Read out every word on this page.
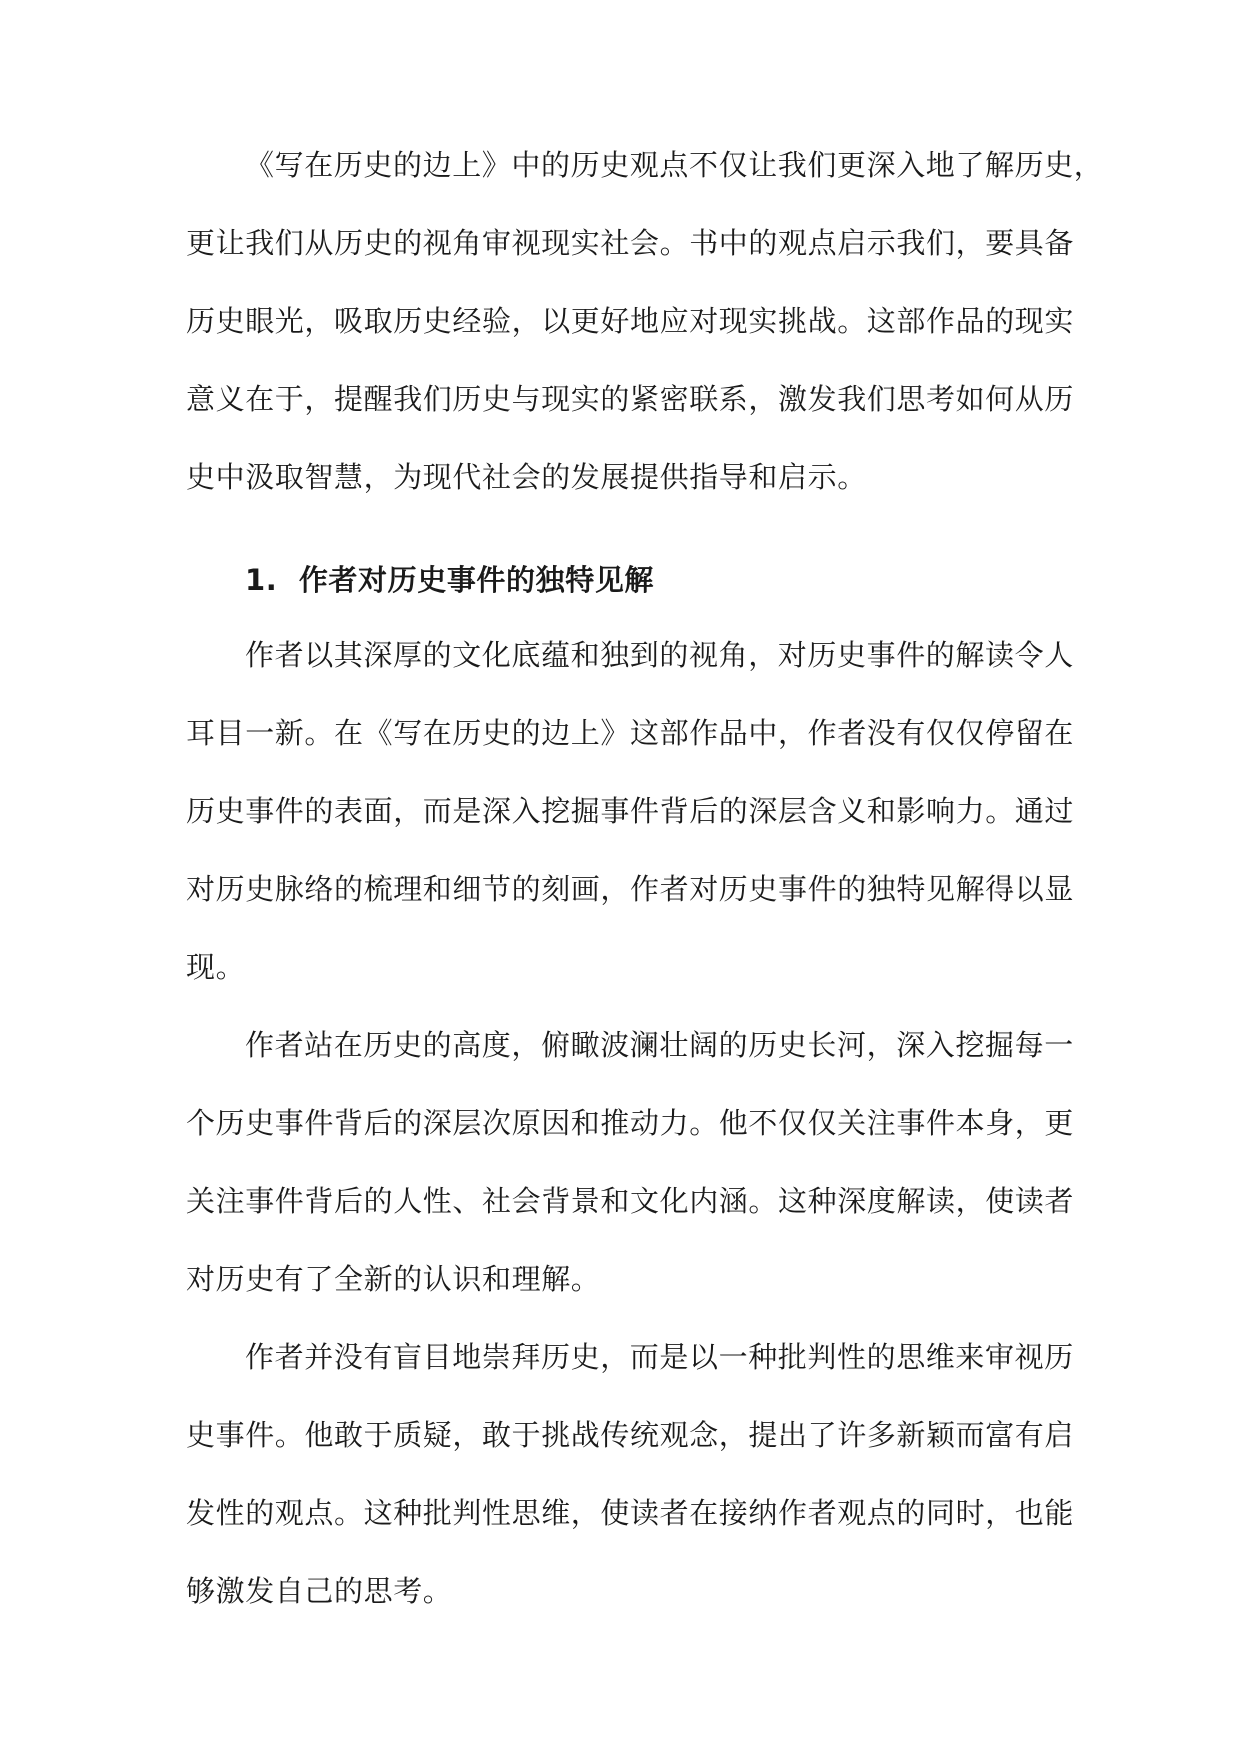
《写在历史的边上》中的历史观点不仅让我们更深入地了解历史，
更让我们从历史的视角审视现实社会。书中的观点启示我们，要具备
历史眼光，吸取历史经验，以更好地应对现实挑战。这部作品的现实
意义在于，提醒我们历史与现实的紧密联系，激发我们思考如何从历
史中汲取智慧，为现代社会的发展提供指导和启示。
1. 作者对历史事件的独特见解
作者以其深厚的文化底蕴和独到的视角，对历史事件的解读令人
耳目一新。在《写在历史的边上》这部作品中，作者没有仅仅停留在
历史事件的表面，而是深入挖掘事件背后的深层含义和影响力。通过
对历史脉络的梳理和细节的刻画，作者对历史事件的独特见解得以显
现。
作者站在历史的高度，俯瞰波澜壮阔的历史长河，深入挖掘每一
个历史事件背后的深层次原因和推动力。他不仅仅关注事件本身，更
关注事件背后的人性、社会背景和文化内涵。这种深度解读，使读者
对历史有了全新的认识和理解。
作者并没有盲目地崇拜历史，而是以一种批判性的思维来审视历
史事件。他敢于质疑，敢于挑战传统观念，提出了许多新颖而富有启
发性的观点。这种批判性思维，使读者在接纳作者观点的同时，也能
够激发自己的思考。
